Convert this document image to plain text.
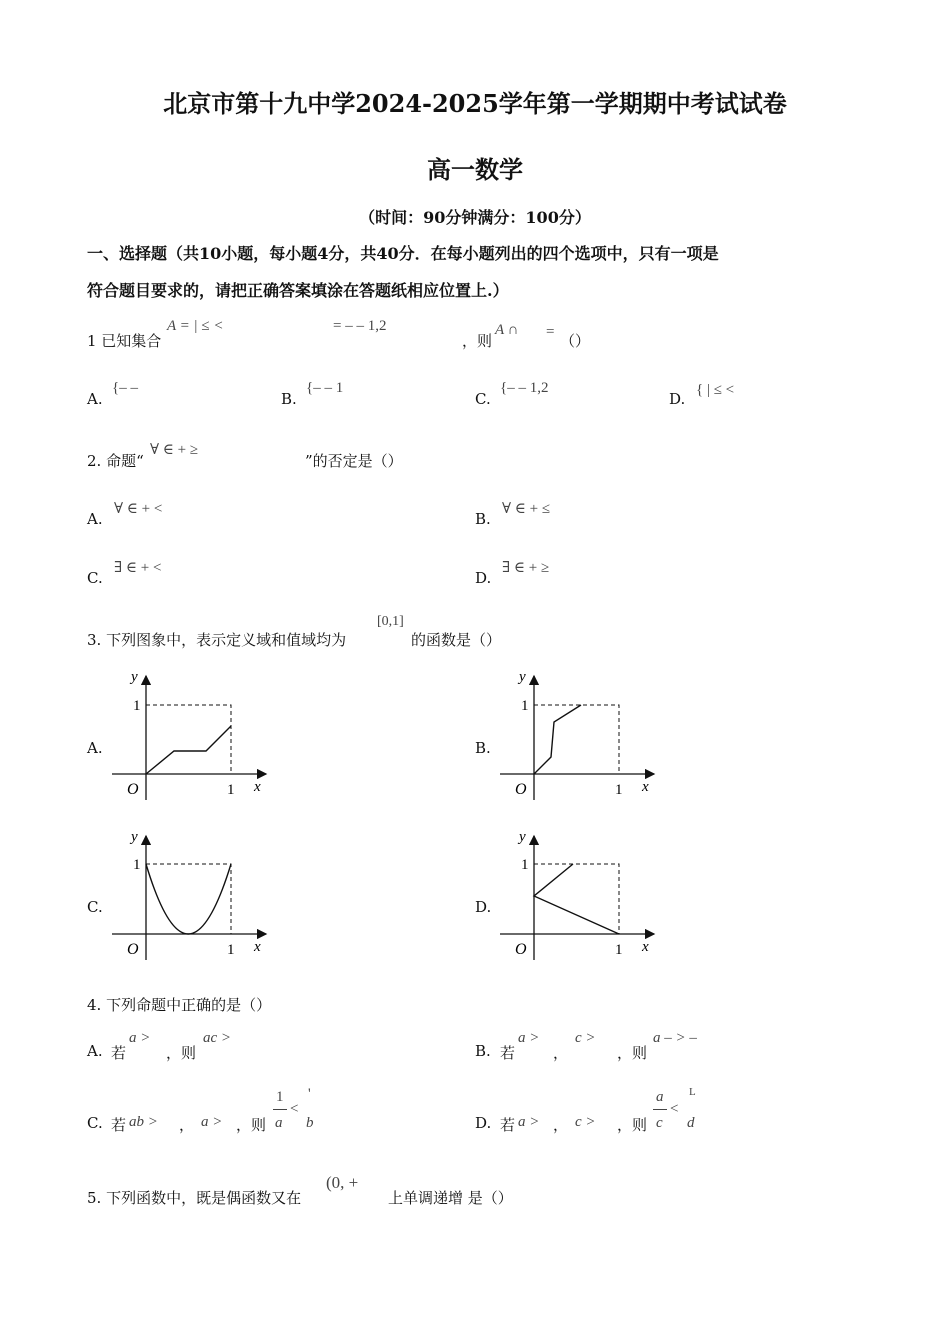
北京市第十九中学2024-2025学年第一学期期中考试试卷
高一数学
（时间：90分钟满分：100分）
一、选择题（共10小题，每小题4分，共40分．在每小题列出的四个选项中，只有一项是
符合题目要求的，请把正确答案填涂在答题纸相应位置上.）
1 已知集合
A = | ≤ <	= ‒ ‒ 1,2
，则
A ∩ = （）
A.
{‒ ‒
B.
{‒ ‒ 1
C.
{‒ ‒ 1,2
D. { | ≤ <
2. 命题“
∀ ∈ + ≥
”的否定是（）
A.
∀ ∈ + <
B.
∀ ∈ + ≤
C.
∃ ∈ + <
D.
∃ ∈ + ≥
3. 下列图象中，表示定义域和值域均为
[0,1]
的函数是（）
A.	B.
C.	D.
y
1
O	1 x
y
1
O	1 x
y
1
O	1 x
y
1
O	1 x
4. 下列命题中正确的是（）
A. 若
a >
，则
ac >
B. 若
a >
，
c >
，则
a ‒ > ‒
C. 若 ab > ， a > ，则
1
a
<
'
b	D. 若 a > ， c > ，则
a
c
<
L
d
5. 下列函数中，既是偶函数又在
(0, +
上单调递增 是（）
